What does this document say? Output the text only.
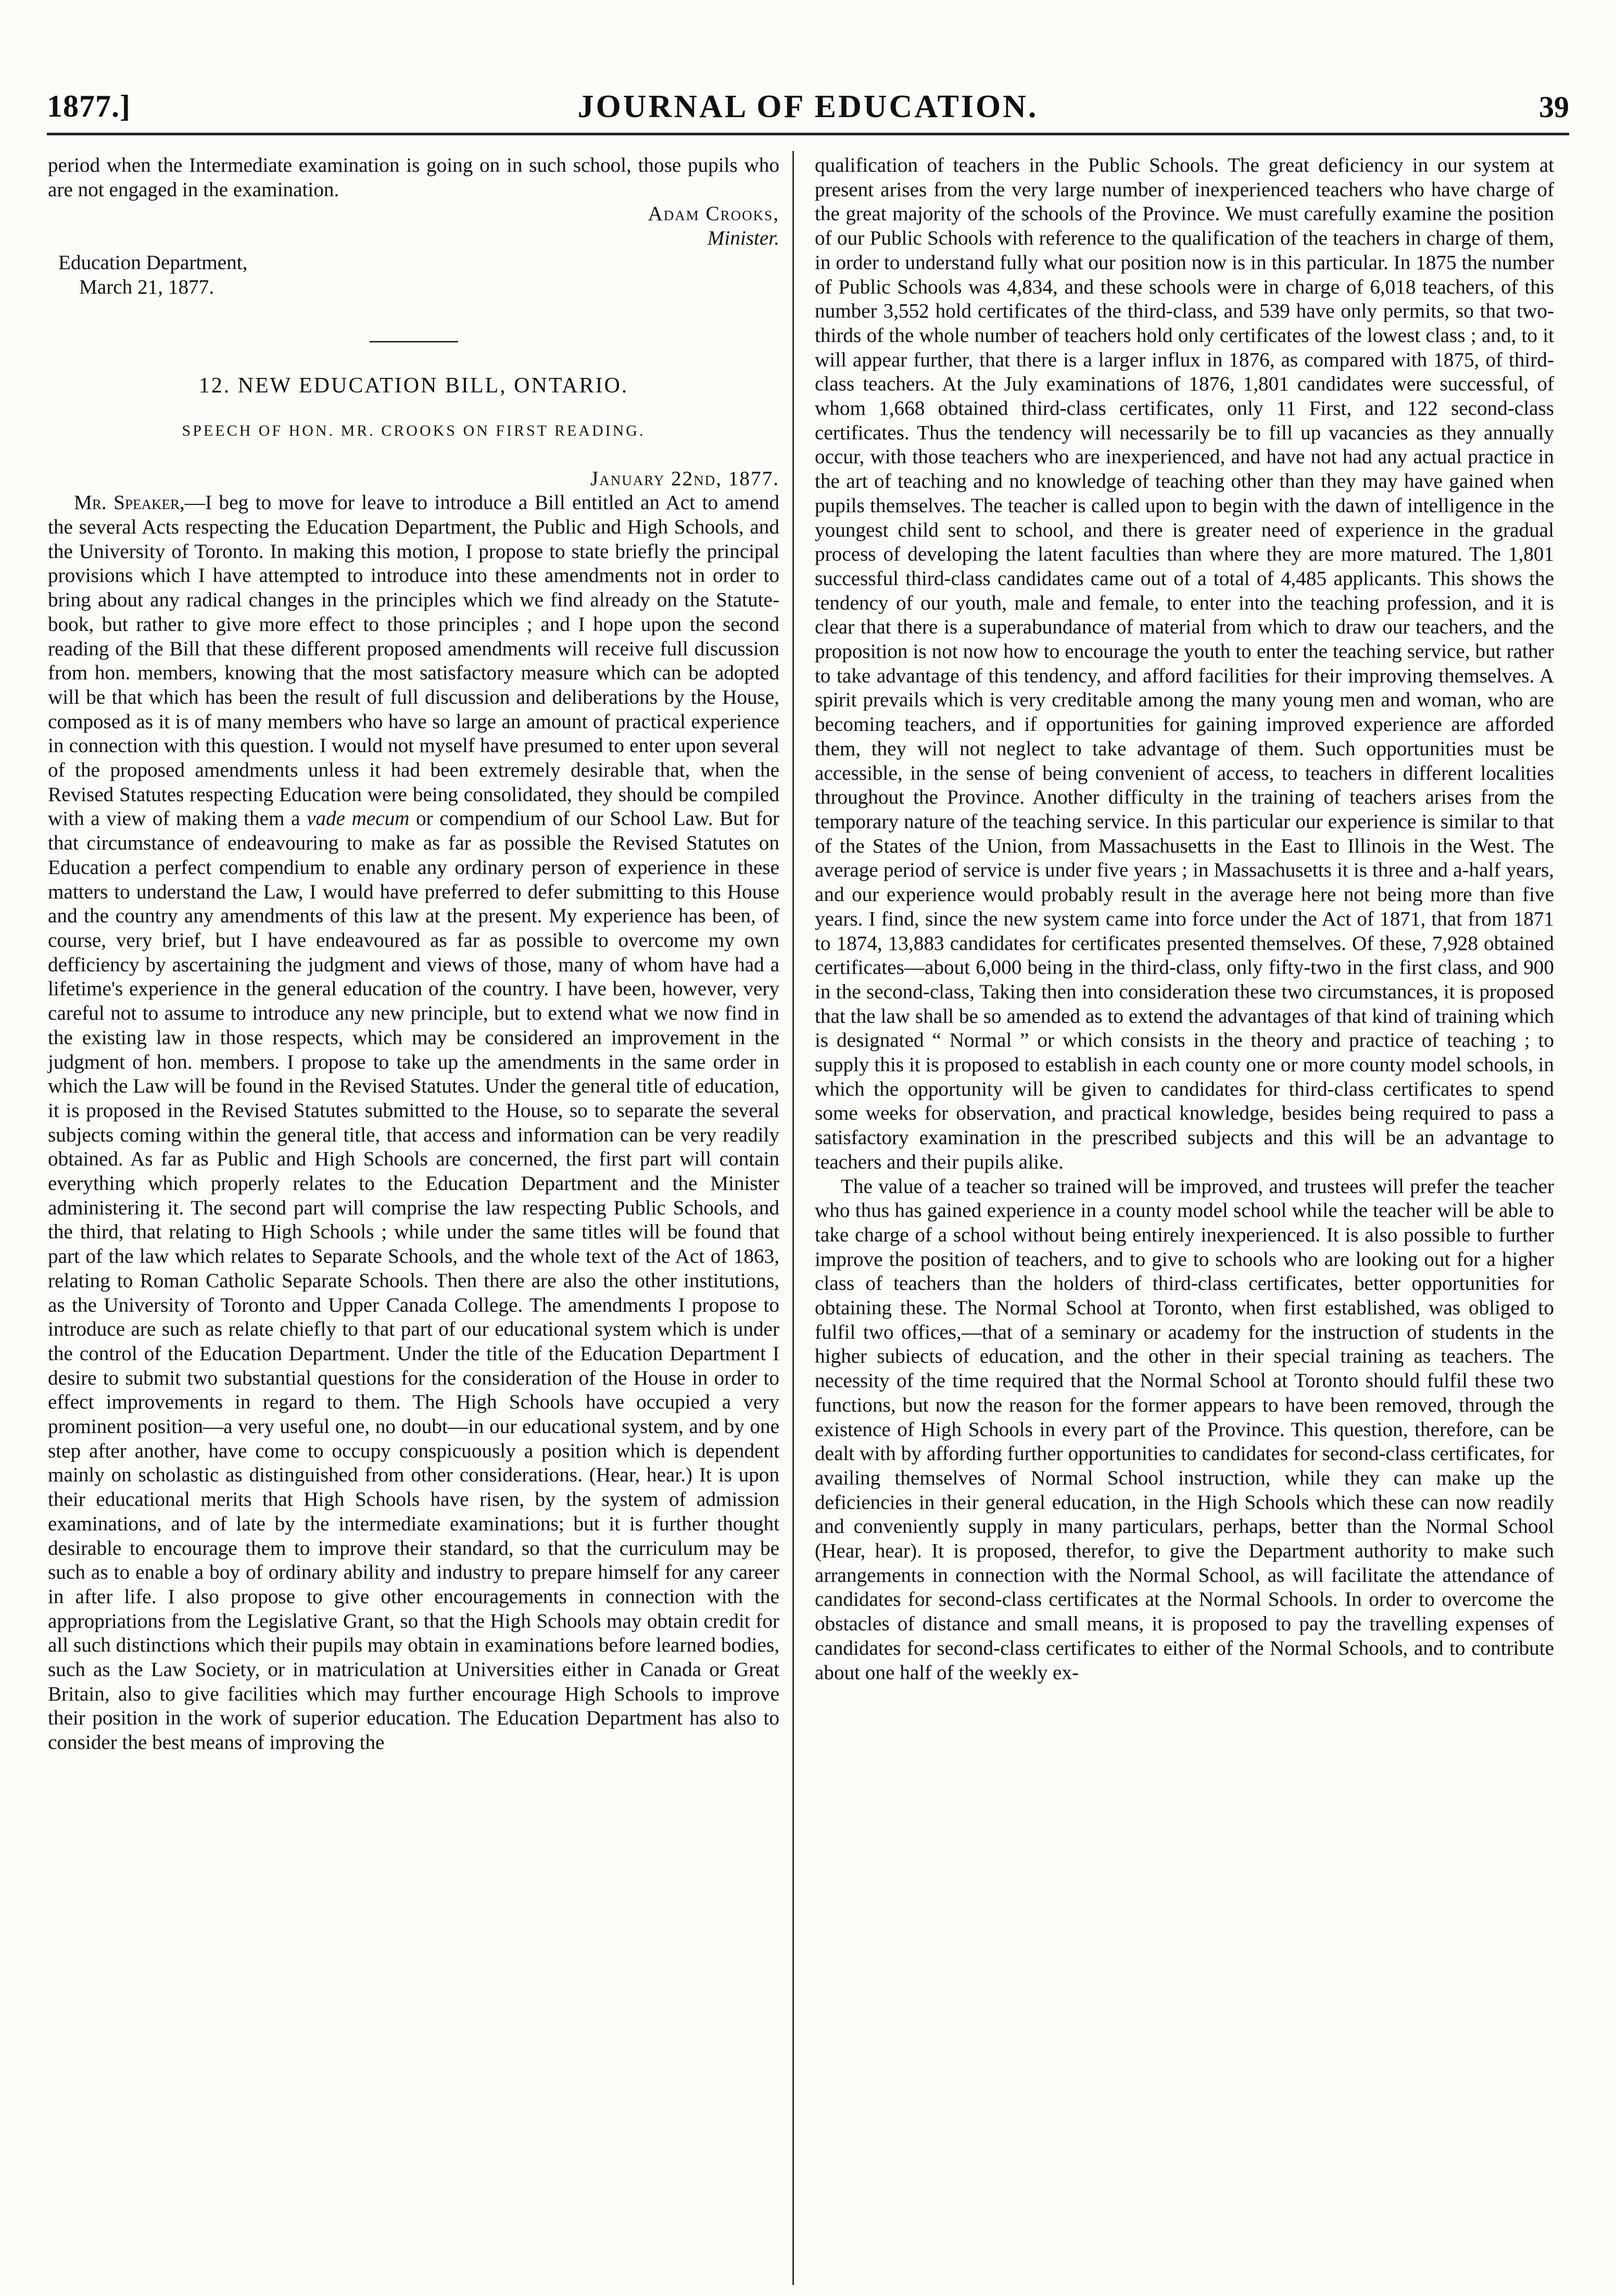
1877.]	JOURNAL OF EDUCATION.	39

period when the Intermediate examination is going on in such school, those pupils who are not engaged in the examination.

Adam Crooks,

Minister.

Education Department,

March 21, 1877.

12. NEW EDUCATION BILL, ONTARIO.
SPEECH OF HON. MR. CROOKS ON FIRST READING.

January 22nd, 1877.

Mr. Speaker,—I beg to move for leave to introduce a Bill entitled an Act to amend the several Acts respecting the Education Department, the Public and High Schools, and the University of Toronto. In making this motion, I propose to state briefly the principal provisions which I have attempted to introduce into these amendments not in order to bring about any radical changes in the principles which we find already on the Statute-book, but rather to give more effect to those principles ; and I hope upon the second reading of the Bill that these different proposed amendments will receive full discussion from hon. members, knowing that the most satisfactory measure which can be adopted will be that which has been the result of full discussion and deliberations by the House, composed as it is of many members who have so large an amount of practical experience in connection with this question. I would not myself have presumed to enter upon several of the proposed amendments unless it had been extremely desirable that, when the Revised Statutes respecting Education were being consolidated, they should be compiled with a view of making them a vade mecum or compendium of our School Law. But for that circumstance of endeavouring to make as far as possible the Revised Statutes on Education a perfect compendium to enable any ordinary person of experience in these matters to understand the Law, I would have preferred to defer submitting to this House and the country any amendments of this law at the present. My experience has been, of course, very brief, but I have endeavoured as far as possible to overcome my own defficiency by ascertaining the judgment and views of those, many of whom have had a lifetime's experience in the general education of the country. I have been, however, very careful not to assume to introduce any new principle, but to extend what we now find in the existing law in those respects, which may be considered an improvement in the judgment of hon. members. I propose to take up the amendments in the same order in which the Law will be found in the Revised Statutes. Under the general title of education, it is proposed in the Revised Statutes submitted to the House, so to separate the several subjects coming within the general title, that access and information can be very readily obtained. As far as Public and High Schools are concerned, the first part will contain everything which properly relates to the Education Department and the Minister administering it. The second part will comprise the law respecting Public Schools, and the third, that relating to High Schools ; while under the same titles will be found that part of the law which relates to Separate Schools, and the whole text of the Act of 1863, relating to Roman Catholic Separate Schools. Then there are also the other institutions, as the University of Toronto and Upper Canada College. The amendments I propose to introduce are such as relate chiefly to that part of our educational system which is under the control of the Education Department. Under the title of the Education Department I desire to submit two substantial questions for the consideration of the House in order to effect improvements in regard to them. The High Schools have occupied a very prominent position—a very useful one, no doubt—in our educational system, and by one step after another, have come to occupy conspicuously a position which is dependent mainly on scholastic as distinguished from other considerations. (Hear, hear.) It is upon their educational merits that High Schools have risen, by the system of admission examinations, and of late by the intermediate examinations; but it is further thought desirable to encourage them to improve their standard, so that the curriculum may be such as to enable a boy of ordinary ability and industry to prepare himself for any career in after life. I also propose to give other encouragements in connection with the appropriations from the Legislative Grant, so that the High Schools may obtain credit for all such distinctions which their pupils may obtain in examinations before learned bodies, such as the Law Society, or in matriculation at Universities either in Canada or Great Britain, also to give facilities which may further encourage High Schools to improve their position in the work of superior education. The Education Department has also to consider the best means of improving the

qualification of teachers in the Public Schools. The great deficiency in our system at present arises from the very large number of inexperienced teachers who have charge of the great majority of the schools of the Province. We must carefully examine the position of our Public Schools with reference to the qualification of the teachers in charge of them, in order to understand fully what our position now is in this particular. In 1875 the number of Public Schools was 4,834, and these schools were in charge of 6,018 teachers, of this number 3,552 hold certificates of the third-class, and 539 have only permits, so that two-thirds of the whole number of teachers hold only certificates of the lowest class ; and, to it will appear further, that there is a larger influx in 1876, as compared with 1875, of third-class teachers. At the July examinations of 1876, 1,801 candidates were successful, of whom 1,668 obtained third-class certificates, only 11 First, and 122 second-class certificates. Thus the tendency will necessarily be to fill up vacancies as they annually occur, with those teachers who are inexperienced, and have not had any actual practice in the art of teaching and no knowledge of teaching other than they may have gained when pupils themselves. The teacher is called upon to begin with the dawn of intelligence in the youngest child sent to school, and there is greater need of experience in the gradual process of developing the latent faculties than where they are more matured. The 1,801 successful third-class candidates came out of a total of 4,485 applicants. This shows the tendency of our youth, male and female, to enter into the teaching profession, and it is clear that there is a superabundance of material from which to draw our teachers, and the proposition is not now how to encourage the youth to enter the teaching service, but rather to take advantage of this tendency, and afford facilities for their improving themselves. A spirit prevails which is very creditable among the many young men and woman, who are becoming teachers, and if opportunities for gaining improved experience are afforded them, they will not neglect to take advantage of them. Such opportunities must be accessible, in the sense of being convenient of access, to teachers in different localities throughout the Province. Another difficulty in the training of teachers arises from the temporary nature of the teaching service. In this particular our experience is similar to that of the States of the Union, from Massachusetts in the East to Illinois in the West. The average period of service is under five years ; in Massachusetts it is three and a-half years, and our experience would probably result in the average here not being more than five years. I find, since the new system came into force under the Act of 1871, that from 1871 to 1874, 13,883 candidates for certificates presented themselves. Of these, 7,928 obtained certificates—about 6,000 being in the third-class, only fifty-two in the first class, and 900 in the second-class, Taking then into consideration these two circumstances, it is proposed that the law shall be so amended as to extend the advantages of that kind of training which is designated “ Normal ” or which consists in the theory and practice of teaching ; to supply this it is proposed to establish in each county one or more county model schools, in which the opportunity will be given to candidates for third-class certificates to spend some weeks for observation, and practical knowledge, besides being required to pass a satisfactory examination in the prescribed subjects and this will be an advantage to teachers and their pupils alike.

The value of a teacher so trained will be improved, and trustees will prefer the teacher who thus has gained experience in a county model school while the teacher will be able to take charge of a school without being entirely inexperienced. It is also possible to further improve the position of teachers, and to give to schools who are looking out for a higher class of teachers than the holders of third-class certificates, better opportunities for obtaining these. The Normal School at Toronto, when first established, was obliged to fulfil two offices,—that of a seminary or academy for the instruction of students in the higher subiects of education, and the other in their special training as teachers. The necessity of the time required that the Normal School at Toronto should fulfil these two functions, but now the reason for the former appears to have been removed, through the existence of High Schools in every part of the Province. This question, therefore, can be dealt with by affording further opportunities to candidates for second-class certificates, for availing themselves of Normal School instruction, while they can make up the deficiencies in their general education, in the High Schools which these can now readily and conveniently supply in many particulars, perhaps, better than the Normal School (Hear, hear). It is proposed, therefor, to give the Department authority to make such arrangements in connection with the Normal School, as will facilitate the attendance of candidates for second-class certificates at the Normal Schools. In order to overcome the obstacles of distance and small means, it is proposed to pay the travelling expenses of candidates for second-class certificates to either of the Normal Schools, and to contribute about one half of the weekly ex-
